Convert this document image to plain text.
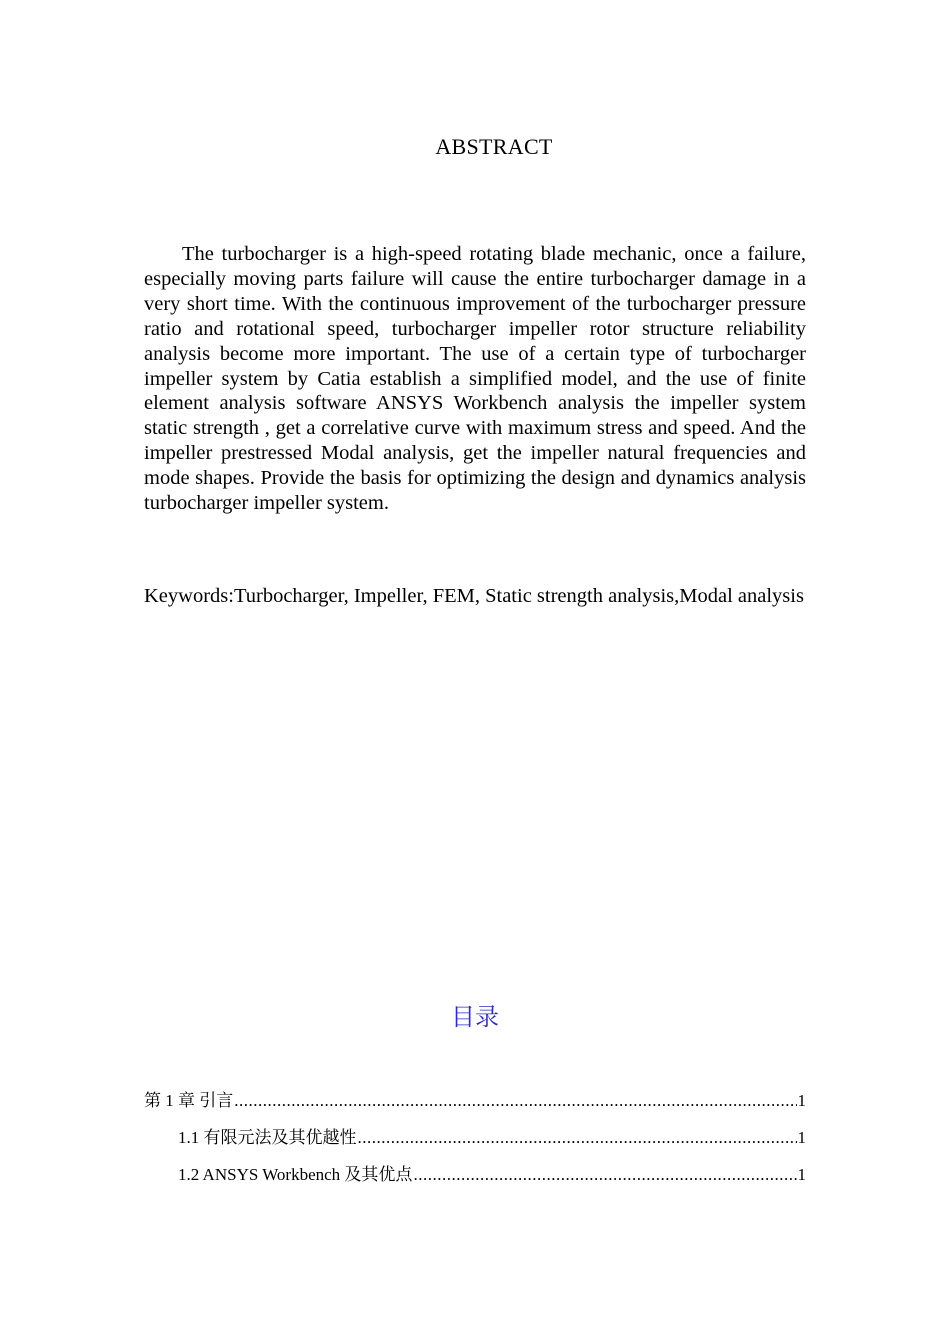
ABSTRACT

The turbocharger is a high-speed rotating blade mechanic, once a failure, especially moving parts failure will cause the entire turbocharger damage in a very short time. With the continuous improvement of the turbocharger pressure ratio and rotational speed, turbocharger impeller rotor structure reliability analysis become more important. The use of a certain type of turbocharger impeller system by Catia establish a simplified model, and the use of finite element analysis software ANSYS Workbench analysis the impeller system static strength , get a correlative curve with maximum stress and speed. And the impeller prestressed Modal analysis, get the impeller natural frequencies and mode shapes. Provide the basis for optimizing the design and dynamics analysis turbocharger impeller system.

Keywords:Turbocharger, Impeller, FEM, Static strength analysis,Modal analysis

目录
第 1 章 引言 .....	1
1.1 有限元法及其优越性 .....	1
1.2 ANSYS Workbench 及其优点 .....	1
